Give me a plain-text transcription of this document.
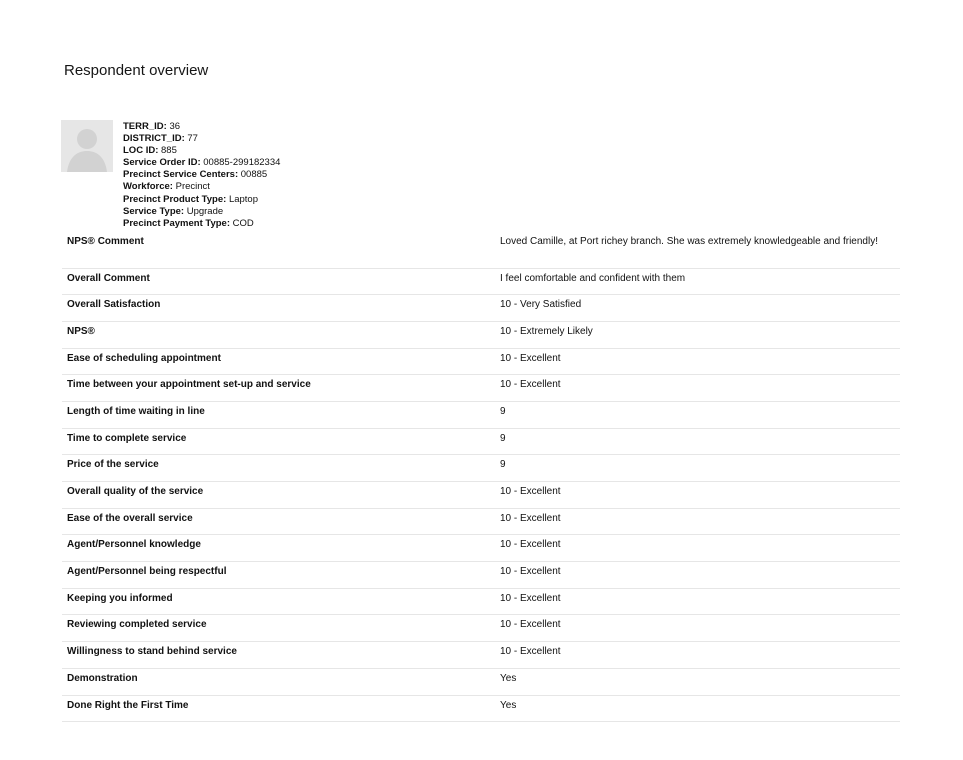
Respondent overview
TERR_ID: 36
DISTRICT_ID: 77
LOC ID: 885
Service Order ID: 00885-299182334
Precinct Service Centers: 00885
Workforce: Precinct
Precinct Product Type: Laptop
Service Type: Upgrade
Precinct Payment Type: COD
NPS® Comment	Loved Camille, at Port richey branch. She was extremely knowledgeable and friendly!
Overall Comment	I feel comfortable and confident with them
Overall Satisfaction	10 - Very Satisfied
NPS®	10 - Extremely Likely
Ease of scheduling appointment	10 - Excellent
Time between your appointment set-up and service	10 - Excellent
Length of time waiting in line	9
Time to complete service	9
Price of the service	9
Overall quality of the service	10 - Excellent
Ease of the overall service	10 - Excellent
Agent/Personnel knowledge	10 - Excellent
Agent/Personnel being respectful	10 - Excellent
Keeping you informed	10 - Excellent
Reviewing completed service	10 - Excellent
Willingness to stand behind service	10 - Excellent
Demonstration	Yes
Done Right the First Time	Yes
